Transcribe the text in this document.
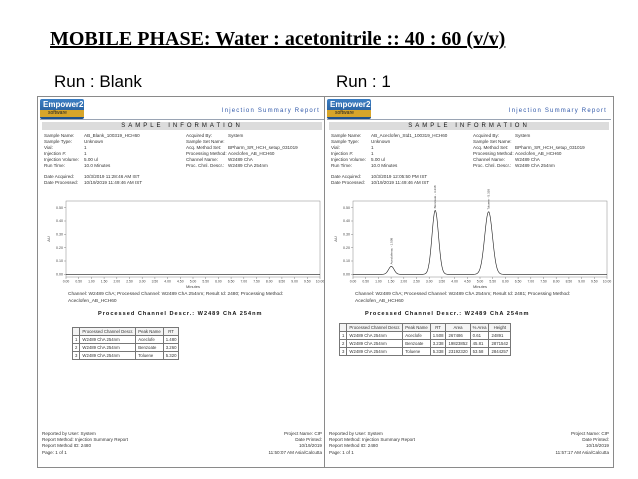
MOBILE PHASE: Water : acetonitrile :: 40 : 60 (v/v)
Run : Blank	Run : 1
Empower2
software	Injection Summary Report
SAMPLE INFORMATION
Sample Name:	AB_Blank_100319_HCH60
Sample Type:	Unknown
Vial:	1
Injection #:	1
Injection Volume:	5.00 ul
Run Time:	10.0 Minutes
Date Acquired:	10/3/2019 11:28:46 AM IST
Date Processed:	10/19/2019 11:49:46 AM IST
Acquired By:	System
Sample Set Name:
Acq. Method Set:	BPharm_SR_HCH_setup_031019
Processing Method: Aceclofen_AB_HCH60
Channel Name:	W2489 ChA
Proc. Chnl. Descr.: W2489 ChA 254nm
0.00
0.10
0.20
0.30
0.40
0.50
0.00 0.50 1.00 1.50 2.00 2.50 3.00 3.50 4.00 4.50 5.00 5.50 6.00 6.50 7.00 7.50 8.00 8.50 9.00 9.50 10.00
AU
Minutes
Channel: W2489 ChA; Processed Channel: W2489 ChA 254nm; Result Id: 2480; Processing Method: Aceclofen_AB_HCH60
Processed Channel Descr.: W2489 ChA 254nm
	Processed Channel Descr.	Peak Name	RT
1	W2489 ChA 254nm	Aceclofe	1.480
2	W2489 ChA 254nm	Benzoate	3.260
3	W2489 ChA 254nm	Toluene	5.320
Reported by User: System
Report Method: Injection Summary Report
Report Method ID: 2480
Page: 1 of 1
Project Name: CIP
Date Printed:
10/19/2019
11:50:07 AM Asia/Calcutta
Empower2
software	Injection Summary Report
SAMPLE INFORMATION
Sample Name:	AB_Aceclofen_Std1_100319_HCH60
Sample Type:	Unknown
Vial:	1
Injection #:	1
Injection Volume:	5.00 ul
Run Time:	10.0 Minutes
Date Acquired:	10/3/2019 12:05:50 PM IST
Date Processed:	10/19/2019 11:49:46 AM IST
Acquired By:	System
Sample Set Name:
Acq. Method Set:	BPharm_SR_HCH_setup_031019
Processing Method: Aceclofen_AB_HCH60
Channel Name:	W2489 ChA
Proc. Chnl. Descr.: W2489 ChA 254nm
0.00
0.10
0.20
0.30
0.40
0.50
0.00 0.50 1.00 1.50 2.00 2.50 3.00 3.50 4.00 4.50 5.00 5.50 6.00 6.50 7.00 7.50 8.00 8.50 9.00 9.50 10.00
AU
Minutes
Aceclofenac - 1.508
Benzoate - 3.238	Toluene - 5.338
Channel: W2489 ChA; Processed Channel: W2489 ChA 254nm; Result Id: 2481; Processing Method: Aceclofen_AB_HCH60
Processed Channel Descr.: W2489 ChA 254nm
	Processed Channel Descr.	Peak Name	RT	Area	% Area	Height
1	W2489 ChA 254nm	Aceclofe	1.508	267486	0.61	24891
2	W2489 ChA 254nm	Benzoate	3.238	19823852	45.81	2871542
3	W2489 ChA 254nm	Toluene	5.338	23192320	53.58	2844257
Reported by User: System
Report Method: Injection Summary Report
Report Method ID: 2480
Page: 1 of 1
Project Name: CIP
Date Printed:
10/19/2019
11:57:17 AM Asia/Calcutta
